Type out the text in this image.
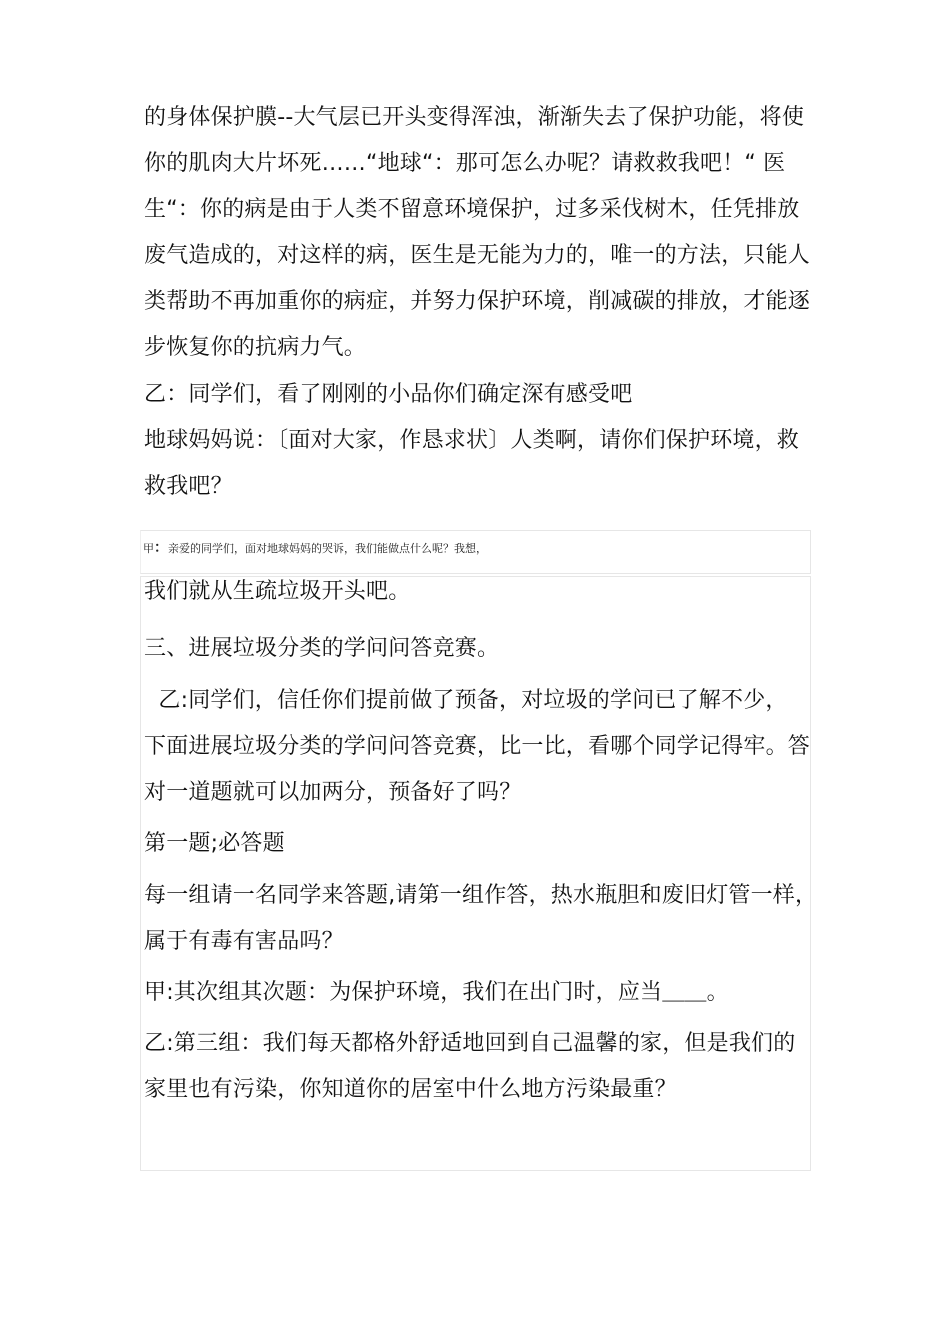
的身体保护膜--大气层已开头变得浑浊，渐渐失去了保护功能，将使
你的肌肉大片坏死……“地球“：那可怎么办呢？请救救我吧！“ 医
生“：你的病是由于人类不留意环境保护，过多采伐树木，任凭排放
废气造成的，对这样的病，医生是无能为力的，唯一的方法，只能人
类帮助不再加重你的病症，并努力保护环境，削减碳的排放，才能逐
步恢复你的抗病力气。
乙：同学们，看了刚刚的小品你们确定深有感受吧
地球妈妈说：〔面对大家，作恳求状〕人类啊，请你们保护环境，救
救我吧？
甲：亲爱的同学们，面对地球妈妈的哭诉，我们能做点什么呢？我想，
我们就从生疏垃圾开头吧。
三、进展垃圾分类的学问问答竞赛。
乙:同学们，信任你们提前做了预备，对垃圾的学问已了解不少，
下面进展垃圾分类的学问问答竞赛，比一比，看哪个同学记得牢。答
对一道题就可以加两分，预备好了吗？
第一题;必答题
每一组请一名同学来答题,请第一组作答，热水瓶胆和废旧灯管一样，
属于有毒有害品吗？
甲:其次组其次题：为保护环境，我们在出门时，应当＿＿。
乙:第三组：我们每天都格外舒适地回到自己温馨的家，但是我们的
家里也有污染，你知道你的居室中什么地方污染最重？
